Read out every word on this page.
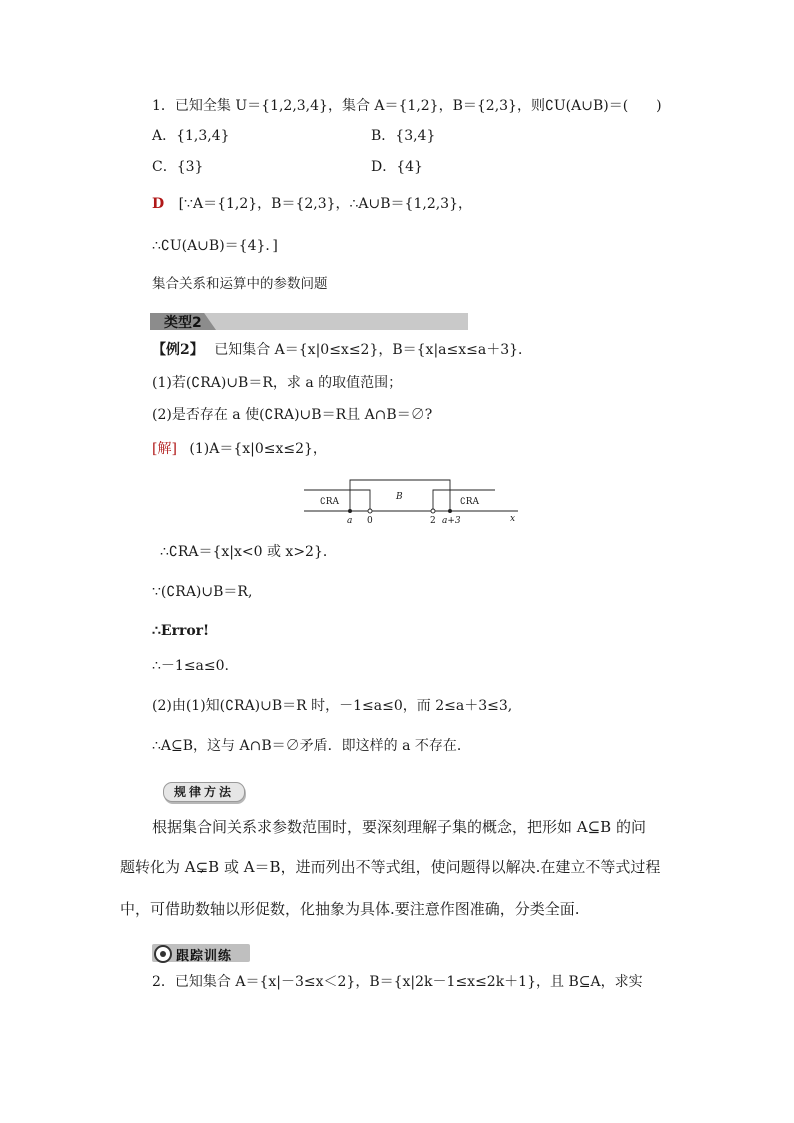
1．已知全集 U＝{1,2,3,4}，集合 A＝{1,2}，B＝{2,3}，则∁U(A∪B)＝(　　)
A．{1,3,4}	B．{3,4}
C．{3}	D．{4}
D [∵A＝{1,2}，B＝{2,3}，∴A∪B＝{1,2,3}，
∴∁U(A∪B)＝{4}．]
集合关系和运算中的参数问题
类型2
【例2】 已知集合 A＝{x|0≤x≤2}，B＝{x|a≤x≤a＋3}．
(1)若(∁RA)∪B＝R，求 a 的取值范围；
(2)是否存在 a 使(∁RA)∪B＝R且 A∩B＝∅?
[解] (1)A＝{x|0≤x≤2}，
x
∁RA	B	∁RA
a 0	2 a+3
∴∁RA＝{x|x<0 或 x>2}．
∵(∁RA)∪B＝R,
∴Error!
∴－1≤a≤0.
(2)由(1)知(∁RA)∪B＝R 时，－1≤a≤0，而 2≤a＋3≤3,
∴A⊆B，这与 A∩B＝∅矛盾．即这样的 a 不存在．
规律方法
根据集合间关系求参数范围时，要深刻理解子集的概念，把形如 A⊆B 的问
题转化为 A⊊B 或 A＝B，进而列出不等式组，使问题得以解决.在建立不等式过程
中，可借助数轴以形促数，化抽象为具体.要注意作图准确，分类全面.
跟踪训练
2．已知集合 A＝{x|－3≤x＜2}，B＝{x|2k－1≤x≤2k＋1}，且 B⊆A，求实
